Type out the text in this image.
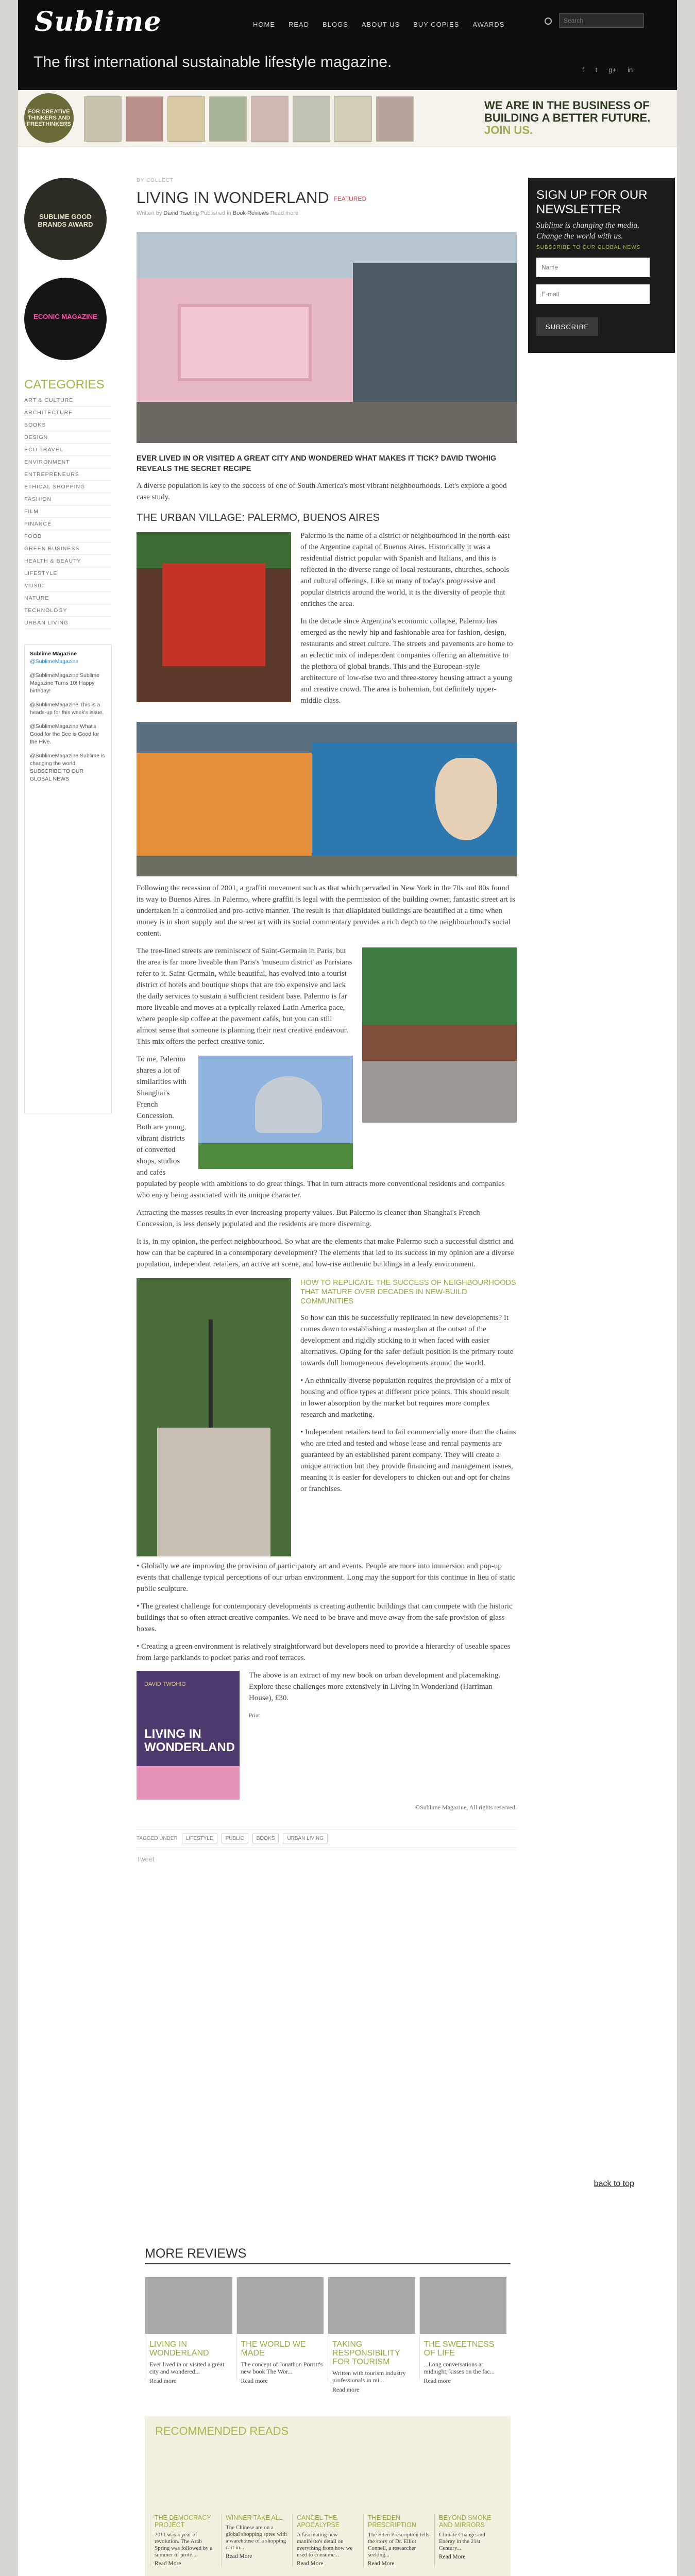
Sublime	HOME READ BLOGS ABOUT US BUY COPIES AWARDS
Search
The first international sustainable lifestyle magazine.	f t g+ in
FOR CREATIVE THINKERS AND FREETHINKERS
WE ARE IN THE BUSINESS OF
BUILDING A BETTER FUTURE.
JOIN US.
SUBLIME GOOD BRANDS AWARD
ECONIC MAGAZINE
CATEGORIES
ART & CULTURE
ARCHITECTURE
BOOKS
DESIGN
ECO TRAVEL
ENVIRONMENT
ENTREPRENEURS
ETHICAL SHOPPING
FASHION
FILM
FINANCE
FOOD
GREEN BUSINESS
HEALTH & BEAUTY
LIFESTYLE
MUSIC
NATURE
TECHNOLOGY
URBAN LIVING
Sublime Magazine
@SublimeMagazine
@SublimeMagazine Sublime Magazine Turns 10! Happy birthday!
@SublimeMagazine This is a heads-up for this week's issue.
@SublimeMagazine What's Good for the Bee is Good for the Hive.
@SublimeMagazine Sublime is changing the world. SUBSCRIBE TO OUR GLOBAL NEWS
BY COLLECT
LIVING IN WONDERLAND FEATURED
Written by David Tiseling Published in Book Reviews Read more
EVER LIVED IN OR VISITED A GREAT CITY AND WONDERED WHAT MAKES IT TICK? DAVID TWOHIG REVEALS THE SECRET RECIPE

A diverse population is key to the success of one of South America's most vibrant neighbourhoods. Let's explore a good case study.

THE URBAN VILLAGE: PALERMO, BUENOS AIRES

Palermo is the name of a district or neighbourhood in the north-east of the Argentine capital of Buenos Aires. Historically it was a residential district popular with Spanish and Italians, and this is reflected in the diverse range of local restaurants, churches, schools and cultural offerings. Like so many of today's progressive and popular districts around the world, it is the diversity of people that enriches the area.

In the decade since Argentina's economic collapse, Palermo has emerged as the newly hip and fashionable area for fashion, design, restaurants and street culture. The streets and pavements are home to an eclectic mix of independent companies offering an alternative to the plethora of global brands. This and the European-style architecture of low-rise two and three-storey housing attract a young and creative crowd. The area is bohemian, but definitely upper-middle class.

Following the recession of 2001, a graffiti movement such as that which pervaded in New York in the 70s and 80s found its way to Buenos Aires. In Palermo, where graffiti is legal with the permission of the building owner, fantastic street art is undertaken in a controlled and pro-active manner. The result is that dilapidated buildings are beautified at a time when money is in short supply and the street art with its social commentary provides a rich depth to the neighbourhood's social content.

The tree-lined streets are reminiscent of Saint-Germain in Paris, but the area is far more liveable than Paris's 'museum district' as Parisians refer to it. Saint-Germain, while beautiful, has evolved into a tourist district of hotels and boutique shops that are too expensive and lack the daily services to sustain a sufficient resident base. Palermo is far more liveable and moves at a typically relaxed Latin America pace, where people sip coffee at the pavement cafés, but you can still almost sense that someone is planning their next creative endeavour. This mix offers the perfect creative tonic.

To me, Palermo shares a lot of similarities with Shanghai's French Concession. Both are young, vibrant districts of converted shops, studios and cafés populated by people with ambitions to do great things. That in turn attracts more conventional residents and companies who enjoy being associated with its unique character.

Attracting the masses results in ever-increasing property values. But Palermo is cleaner than Shanghai's French Concession, is less densely populated and the residents are more discerning.

It is, in my opinion, the perfect neighbourhood. So what are the elements that make Palermo such a successful district and how can that be captured in a contemporary development? The elements that led to its success in my opinion are a diverse population, independent retailers, an active art scene, and low-rise authentic buildings in a leafy environment.

HOW TO REPLICATE THE SUCCESS OF NEIGHBOURHOODS THAT MATURE OVER DECADES IN NEW-BUILD COMMUNITIES

So how can this be successfully replicated in new developments? It comes down to establishing a masterplan at the outset of the development and rigidly sticking to it when faced with easier alternatives. Opting for the safer default position is the primary route towards dull homogeneous developments around the world.

• An ethnically diverse population requires the provision of a mix of housing and office types at different price points. This should result in lower absorption by the market but requires more complex research and marketing.

• Independent retailers tend to fail commercially more than the chains who are tried and tested and whose lease and rental payments are guaranteed by an established parent company. They will create a unique attraction but they provide financing and management issues, meaning it is easier for developers to chicken out and opt for chains or franchises.

• Globally we are improving the provision of participatory art and events. People are more into immersion and pop-up events that challenge typical perceptions of our urban environment. Long may the support for this continue in lieu of static public sculpture.

• The greatest challenge for contemporary developments is creating authentic buildings that can compete with the historic buildings that so often attract creative companies. We need to be brave and move away from the safe provision of glass boxes.

• Creating a green environment is relatively straightforward but developers need to provide a hierarchy of useable spaces from large parklands to pocket parks and roof terraces.

DAVID TWOHIG
LIVING IN WONDERLAND

The above is an extract of my new book on urban development and placemaking. Explore these challenges more extensively in Living in Wonderland (Harriman House), £30.

Print

©Sublime Magazine, All rights reserved.
TAGGED UNDER	LIFESTYLE	PUBLIC	BOOKS	URBAN LIVING
Tweet
SIGN UP FOR OUR NEWSLETTER
Sublime is changing the media. Change the world with us.
SUBSCRIBE TO OUR GLOBAL NEWS
Name
E-mail SUBSCRIBE
back to top
MORE REVIEWS
LIVING IN WONDERLAND
Ever lived in or visited a great city and wondered...
Read more
THE WORLD WE MADE
The concept of Jonathon Porritt's new book The Wor...
Read more
TAKING RESPONSIBILITY FOR TOURISM
Written with tourism industry professionals in mi...
Read more
THE SWEETNESS OF LIFE
...Long conversations at midnight, kisses on the fac...
Read more
RECOMMENDED READS
THE DEMOCRACY PROJECT
2011 was a year of revolution. The Arab Spring was followed by a summer of prote...
Read More
WINNER TAKE ALL
The Chinese are on a global shopping spree with a warehouse of a shopping cart in...
Read More
CANCEL THE APOCALYPSE
A fascinating new manifesto's detail on everything from how we used to consume...
Read More
THE EDEN PRESCRIPTION
The Eden Prescription tells the story of Dr. Elliot Connell, a researcher seeking...
Read More
BEYOND SMOKE AND MIRRORS
Climate Change and Energy in the 21st Century...
Read More
